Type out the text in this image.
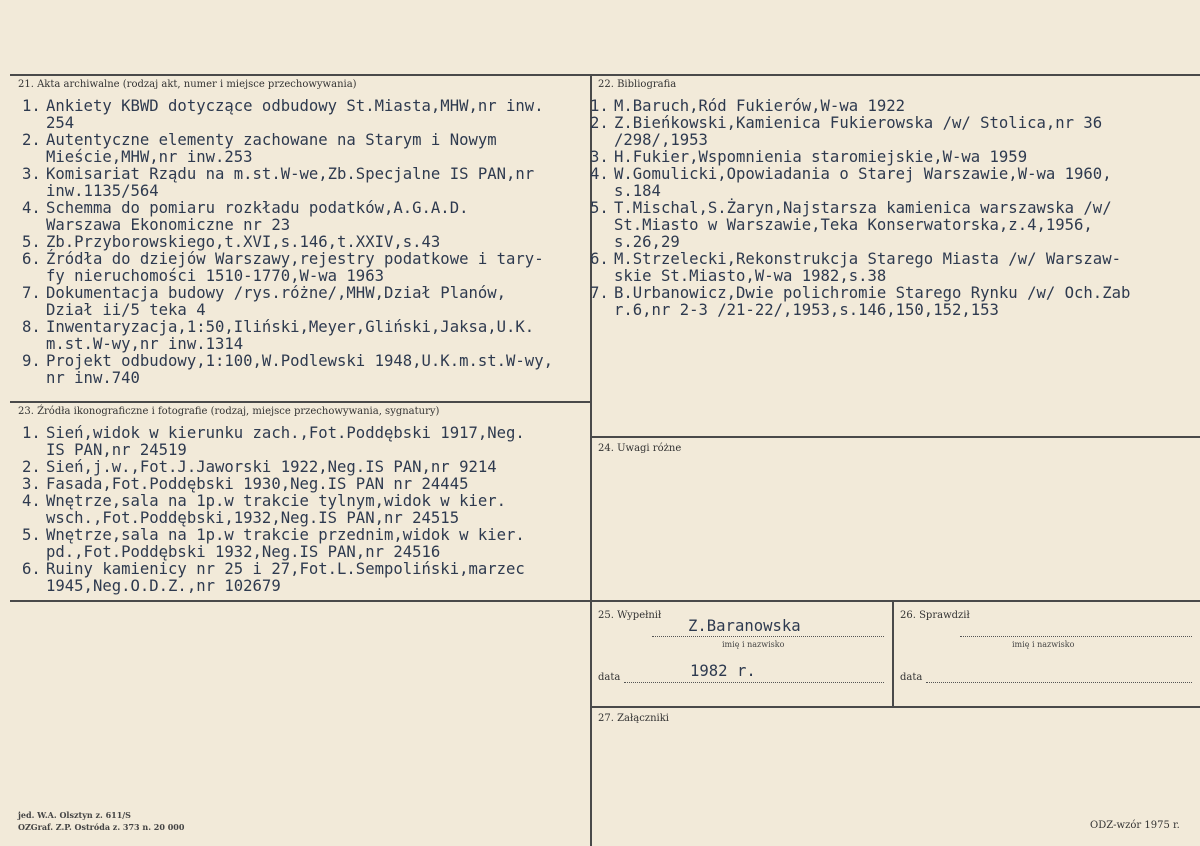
21. Akta archiwalne (rodzaj akt, numer i miejsce przechowywania)
1. Ankiety KBWD dotyczące odbudowy St.Miasta,MHW,nr inw.
254
2. Autentyczne elementy zachowane na Starym i Nowym
Mieście,MHW,nr inw.253
3. Komisariat Rządu na m.st.W-we,Zb.Specjalne IS PAN,nr
inw.1135/564
4. Schemma do pomiaru rozkładu podatków,A.G.A.D.
Warszawa Ekonomiczne nr 23
5. Zb.Przyborowskiego,t.XVI,s.146,t.XXIV,s.43
6. Źródła do dziejów Warszawy,rejestry podatkowe i tary-
fy nieruchomości 1510-1770,W-wa 1963
7. Dokumentacja budowy /rys.różne/,MHW,Dział Planów,
Dział ii/5 teka 4
8. Inwentaryzacja,1:50,Iliński,Meyer,Gliński,Jaksa,U.K.
m.st.W-wy,nr inw.1314
9. Projekt odbudowy,1:100,W.Podlewski 1948,U.K.m.st.W-wy,
nr inw.740
22. Bibliografia
1. M.Baruch,Ród Fukierów,W-wa 1922
2. Z.Bieńkowski,Kamienica Fukierowska /w/ Stolica,nr 36
/298/,1953
3. H.Fukier,Wspomnienia staromiejskie,W-wa 1959
4. W.Gomulicki,Opowiadania o Starej Warszawie,W-wa 1960,
s.184
5. T.Mischal,S.Żaryn,Najstarsza kamienica warszawska /w/
St.Miasto w Warszawie,Teka Konserwatorska,z.4,1956,
s.26,29
6. M.Strzelecki,Rekonstrukcja Starego Miasta /w/ Warszaw-
skie St.Miasto,W-wa 1982,s.38
7. B.Urbanowicz,Dwie polichromie Starego Rynku /w/ Och.Zab
r.6,nr 2-3 /21-22/,1953,s.146,150,152,153
23. Źródła ikonograficzne i fotografie (rodzaj, miejsce przechowywania, sygnatury)
1. Sień,widok w kierunku zach.,Fot.Poddębski 1917,Neg.
IS PAN,nr 24519
2. Sień,j.w.,Fot.J.Jaworski 1922,Neg.IS PAN,nr 9214
3. Fasada,Fot.Poddębski 1930,Neg.IS PAN nr 24445
4. Wnętrze,sala na 1p.w trakcie tylnym,widok w kier.
wsch.,Fot.Poddębski,1932,Neg.IS PAN,nr 24515
5. Wnętrze,sala na 1p.w trakcie przednim,widok w kier.
pd.,Fot.Poddębski 1932,Neg.IS PAN,nr 24516
6. Ruiny kamienicy nr 25 i 27,Fot.L.Sempoliński,marzec
1945,Neg.O.D.Z.,nr 102679
24. Uwagi różne
25. Wypełnił
Z.Baranowska
imię i nazwisko
data	1982 r.
26. Sprawdził
imię i nazwisko
data
27. Załączniki
jed. W.A. Olsztyn z. 611/S
OZGraf. Z.P. Ostróda z. 373 n. 20 000	ODZ-wzór 1975 r.
